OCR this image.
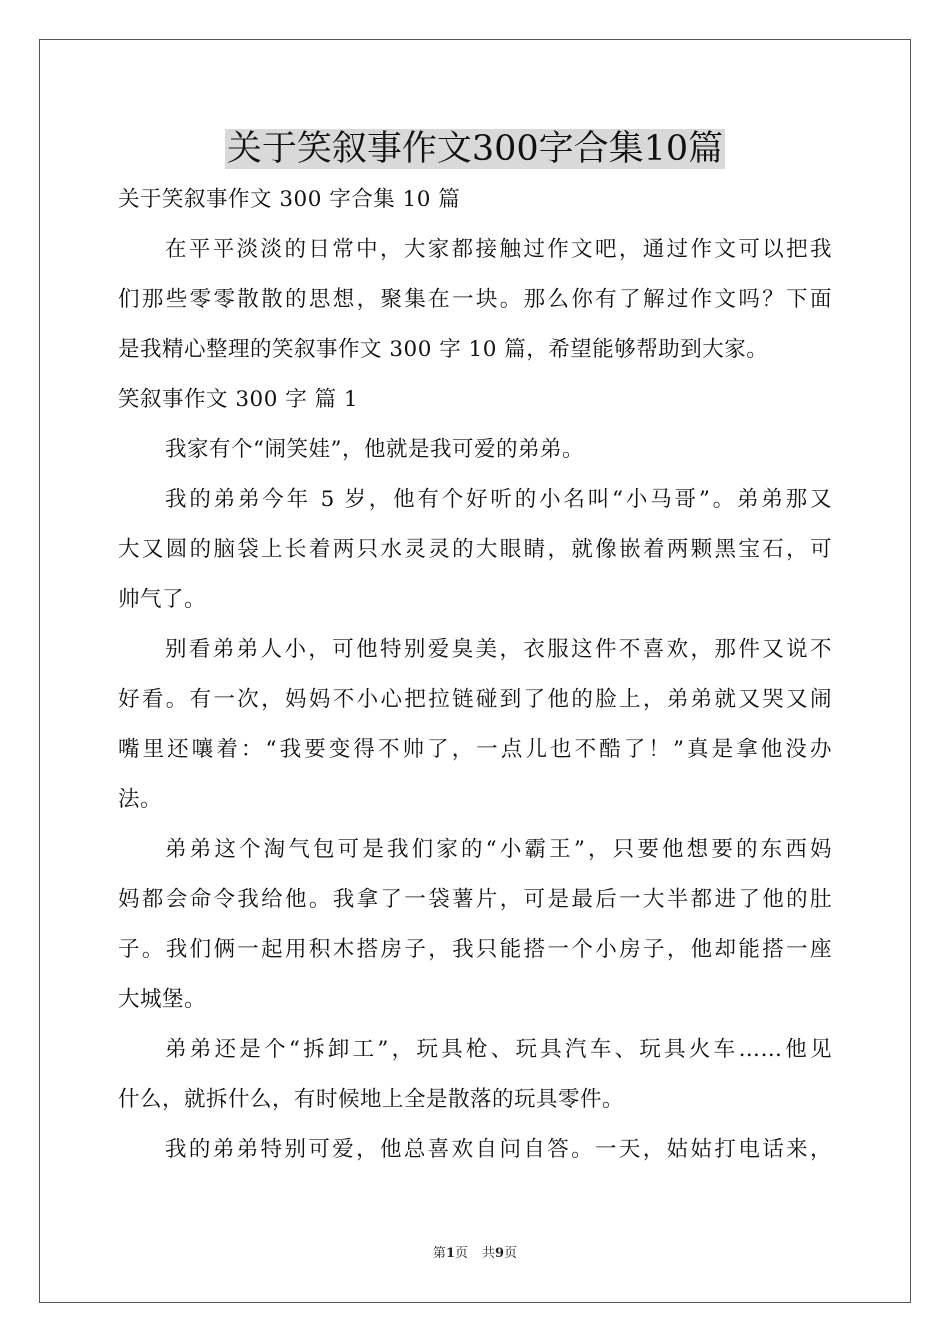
关于笑叙事作文300字合集10篇
关于笑叙事作文 300 字合集 10 篇
在平平淡淡的日常中，大家都接触过作文吧，通过作文可以把我
们那些零零散散的思想，聚集在一块。那么你有了解过作文吗？下面
是我精心整理的笑叙事作文 300 字 10 篇，希望能够帮助到大家。
笑叙事作文 300 字 篇 1
我家有个“闹笑娃”，他就是我可爱的弟弟。
我的弟弟今年 5 岁，他有个好听的小名叫“小马哥”。弟弟那又
大又圆的脑袋上长着两只水灵灵的大眼睛，就像嵌着两颗黑宝石，可
帅气了。
别看弟弟人小，可他特别爱臭美，衣服这件不喜欢，那件又说不
好看。有一次，妈妈不小心把拉链碰到了他的脸上，弟弟就又哭又闹
嘴里还嚷着：“我要变得不帅了，一点儿也不酷了！”真是拿他没办
法。
弟弟这个淘气包可是我们家的“小霸王”，只要他想要的东西妈
妈都会命令我给他。我拿了一袋薯片，可是最后一大半都进了他的肚
子。我们俩一起用积木搭房子，我只能搭一个小房子，他却能搭一座
大城堡。
弟弟还是个“拆卸工”，玩具枪、玩具汽车、玩具火车……他见
什么，就拆什么，有时候地上全是散落的玩具零件。
我的弟弟特别可爱，他总喜欢自问自答。一天，姑姑打电话来，
第1页 共9页
